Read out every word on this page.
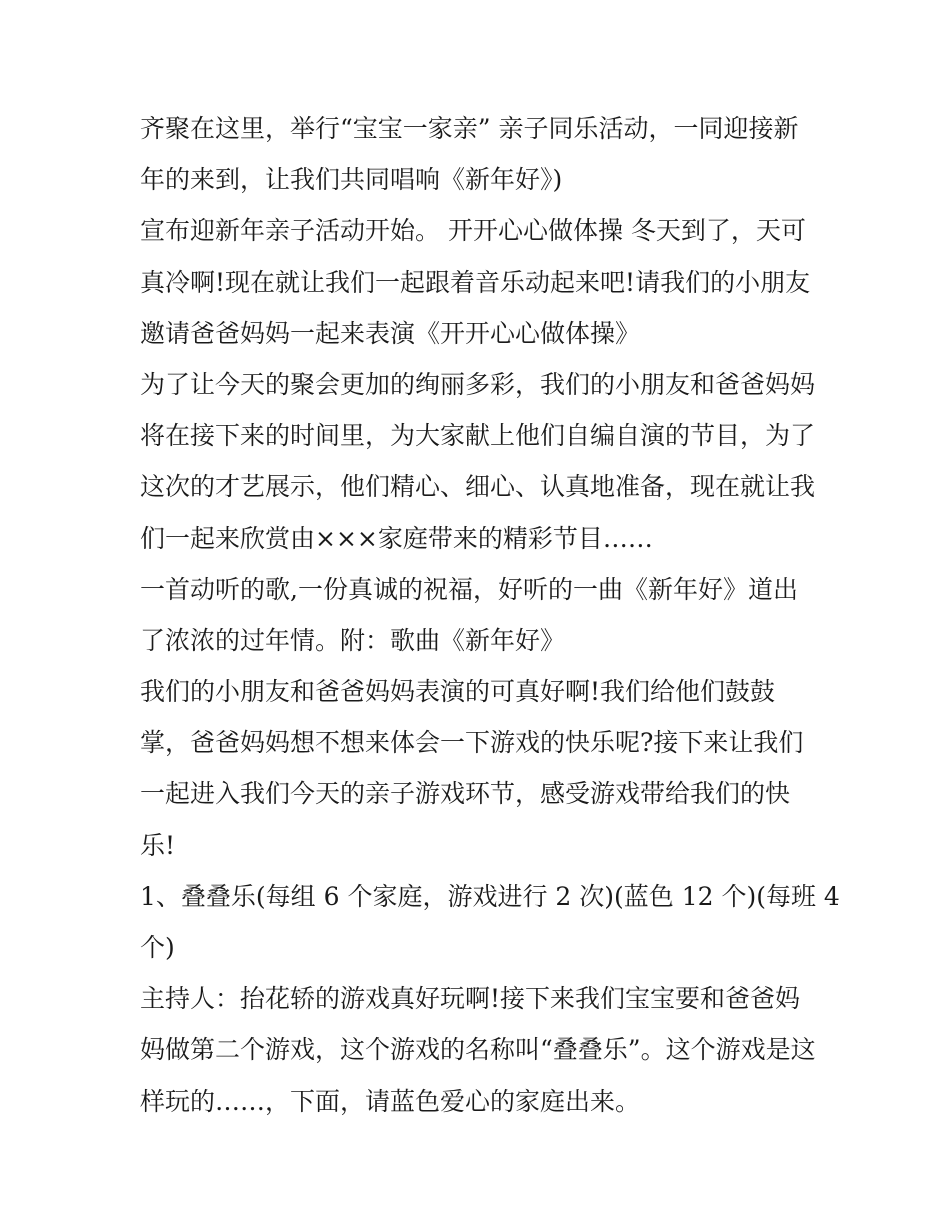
齐聚在这里，举行“宝宝一家亲” 亲子同乐活动，一同迎接新
年的来到，让我们共同唱响《新年好》)
宣布迎新年亲子活动开始。 开开心心做体操 冬天到了，天可
真冷啊!现在就让我们一起跟着音乐动起来吧!请我们的小朋友
邀请爸爸妈妈一起来表演《开开心心做体操》
为了让今天的聚会更加的绚丽多彩，我们的小朋友和爸爸妈妈
将在接下来的时间里，为大家献上他们自编自演的节目，为了
这次的才艺展示，他们精心、细心、认真地准备，现在就让我
们一起来欣赏由×××家庭带来的精彩节目……
一首动听的歌,一份真诚的祝福，好听的一曲《新年好》道出
了浓浓的过年情。附：歌曲《新年好》
我们的小朋友和爸爸妈妈表演的可真好啊!我们给他们鼓鼓
掌，爸爸妈妈想不想来体会一下游戏的快乐呢?接下来让我们
一起进入我们今天的亲子游戏环节，感受游戏带给我们的快
乐!
1、叠叠乐(每组 6 个家庭，游戏进行 2 次)(蓝色 12 个)(每班 4
个)
主持人：抬花轿的游戏真好玩啊!接下来我们宝宝要和爸爸妈
妈做第二个游戏，这个游戏的名称叫“叠叠乐”。这个游戏是这
样玩的……，下面，请蓝色爱心的家庭出来。
